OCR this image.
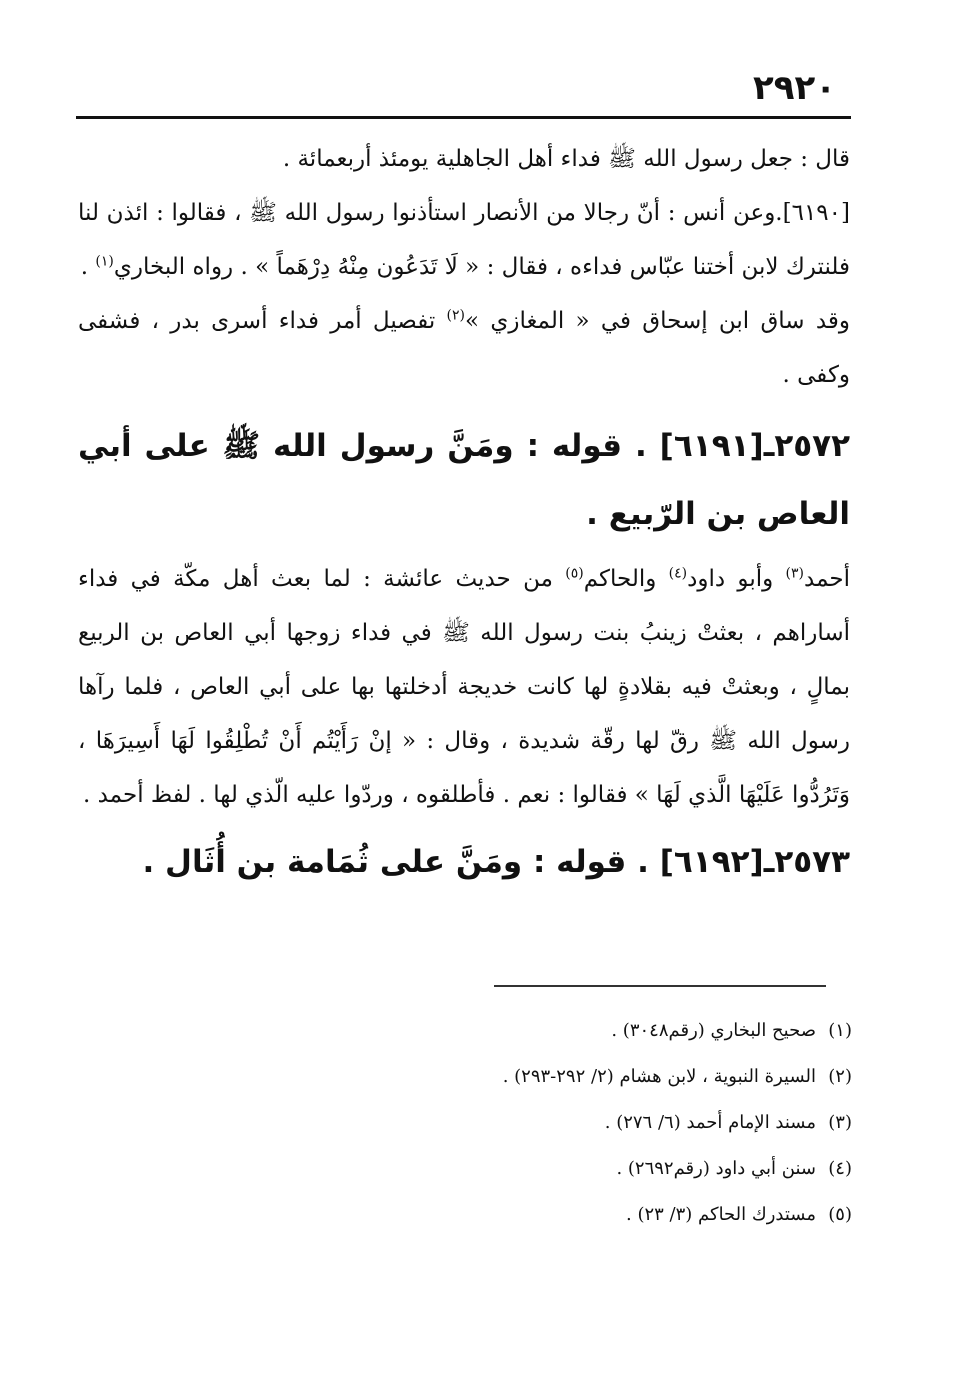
٢٩٢٠

قال : جعل رسول الله ﷺ فداء أهل الجاهلية يومئذ أربعمائة .

[٦١٩٠].وعن أنس : أنّ رجالا من الأنصار استأذنوا رسول الله ﷺ ، فقالوا : ائذن لنا فلنترك لابن أختنا عبّاس فداءه ، فقال : « لَا تَدَعُون مِنْهُ دِرْهَماً » . رواه البخاري$^{(١)}$ .

وقد ساق ابن إسحاق في « المغازي »$^{(٢)}$ تفصيل أمر فداء أسرى بدر ، فشفى وكفى .

٢٥٧٢ـ[٦١٩١] . قوله : ومَنَّ رسول الله ﷺ على أبي العاص بن الرّبيع .

أحمد$^{(٣)}$ وأبو داود$^{(٤)}$ والحاكم$^{(٥)}$ من حديث عائشة : لما بعث أهل مكّة في فداء أساراهم ، بعثتْ زينبُ بنت رسول الله ﷺ في فداء زوجها أبي العاص بن الربيع بمالٍ ، وبعثتْ فيه بقلادةٍ لها كانت خديجة أدخلتها بها على أبي العاص ، فلما رآها رسول الله ﷺ رقّ لها رقّة شديدة ، وقال : « إنْ رَأَيْتُم أَنْ تُطْلِقُوا لَهَا أَسِيرَهَا ، وَتَرُدُّوا عَلَيْهَا الَّذي لَهَا » فقالوا : نعم . فأطلقوه ، وردّوا عليه الّذي لها . لفظ أحمد .

٢٥٧٣ـ[٦١٩٢] . قوله : ومَنَّ على ثُمَامة بن أُثَال .
(١)صحيح البخاري (رقم٣٠٤٨) .
(٢)السيرة النبوية ، لابن هشام (٢/ ٢٩٢-٢٩٣) .
(٣)مسند الإمام أحمد (٦/ ٢٧٦) .
(٤)سنن أبي داود (رقم٢٦٩٢) .
(٥)مستدرك الحاكم (٣/ ٢٣) .
